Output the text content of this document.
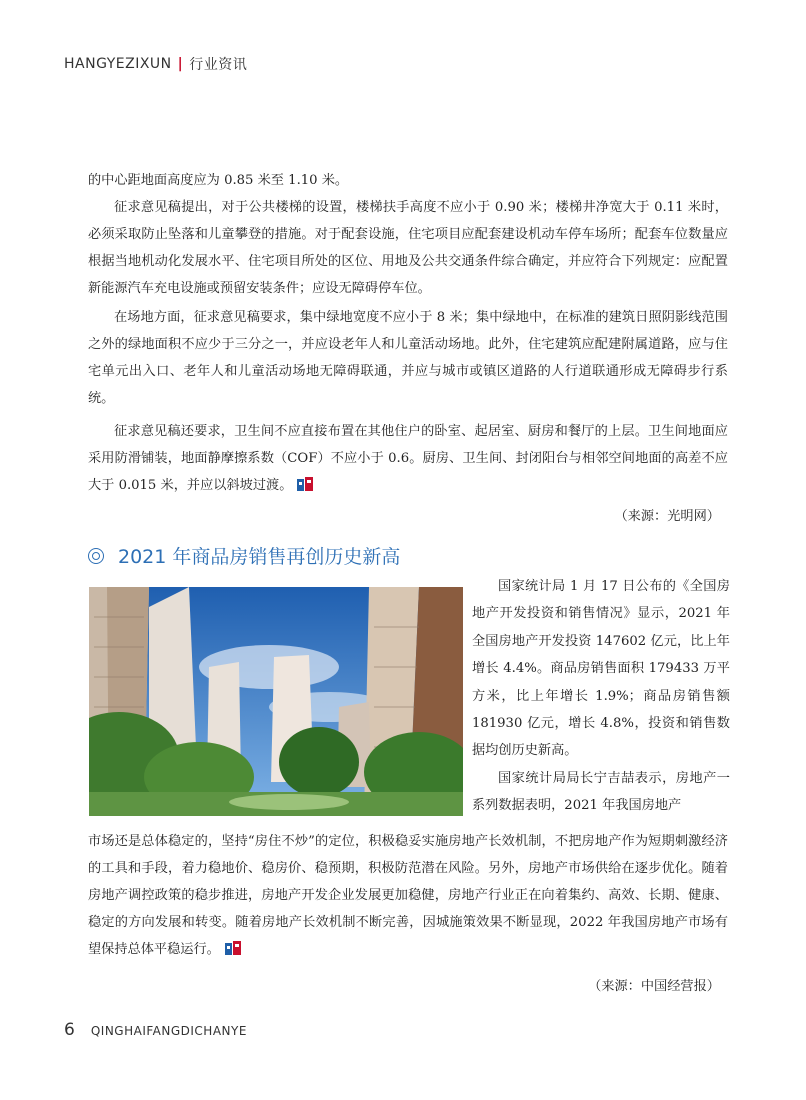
HANGYEZIXUN | 行业资讯

的中心距地面高度应为 0.85 米至 1.10 米。

征求意见稿提出，对于公共楼梯的设置，楼梯扶手高度不应小于 0.90 米；楼梯井净宽大于 0.11 米时，必须采取防止坠落和儿童攀登的措施。对于配套设施，住宅项目应配套建设机动车停车场所；配套车位数量应根据当地机动化发展水平、住宅项目所处的区位、用地及公共交通条件综合确定，并应符合下列规定：应配置新能源汽车充电设施或预留安装条件；应设无障碍停车位。

在场地方面，征求意见稿要求，集中绿地宽度不应小于 8 米；集中绿地中，在标准的建筑日照阴影线范围之外的绿地面积不应少于三分之一，并应设老年人和儿童活动场地。此外，住宅建筑应配建附属道路，应与住宅单元出入口、老年人和儿童活动场地无障碍联通，并应与城市或镇区道路的人行道联通形成无障碍步行系统。

征求意见稿还要求，卫生间不应直接布置在其他住户的卧室、起居室、厨房和餐厅的上层。卫生间地面应采用防滑铺装，地面静摩擦系数（COF）不应小于 0.6。厨房、卫生间、封闭阳台与相邻空间地面的高差不应大于 0.015 米，并应以斜坡过渡。

（来源：光明网）
2021 年商品房销售再创历史新高

国家统计局 1 月 17 日公布的《全国房地产开发投资和销售情况》显示，2021 年全国房地产开发投资 147602 亿元，比上年增长 4.4%。商品房销售面积 179433 万平方米，比上年增长 1.9%；商品房销售额 181930 亿元，增长 4.8%，投资和销售数据均创历史新高。

国家统计局局长宁吉喆表示，房地产一系列数据表明，2021 年我国房地产

市场还是总体稳定的，坚持“房住不炒”的定位，积极稳妥实施房地产长效机制，不把房地产作为短期刺激经济的工具和手段，着力稳地价、稳房价、稳预期，积极防范潜在风险。另外，房地产市场供给在逐步优化。随着房地产调控政策的稳步推进，房地产开发企业发展更加稳健，房地产行业正在向着集约、高效、长期、健康、稳定的方向发展和转变。随着房地产长效机制不断完善，因城施策效果不断显现，2022 年我国房地产市场有望保持总体平稳运行。

（来源：中国经营报）
6 QINGHAIFANGDICHANYE
